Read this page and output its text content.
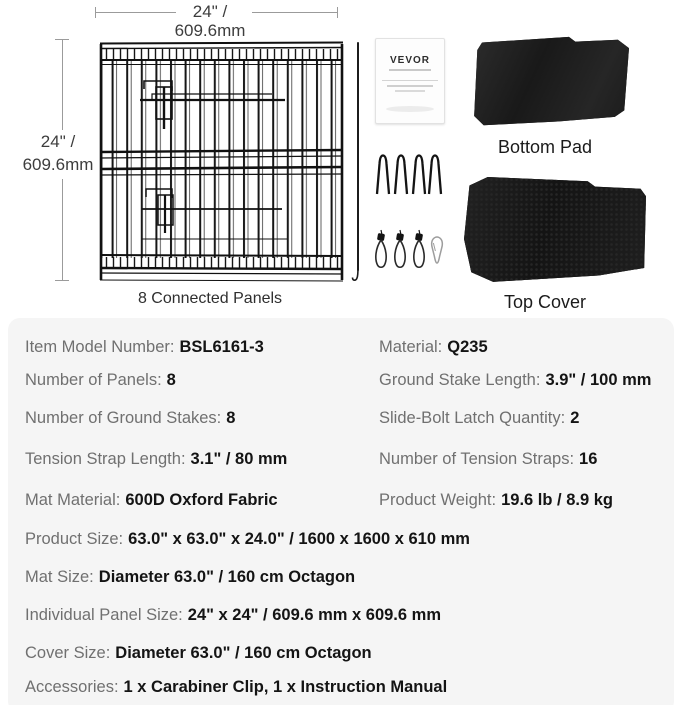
24" /
609.6mm
24" /
609.6mm
8 Connected Panels
VEVOR
Bottom Pad
Top Cover
Item Model Number: BSL6161-3	Material: Q235
Number of Panels: 8	Ground Stake Length: 3.9" / 100 mm
Number of Ground Stakes: 8	Slide-Bolt Latch Quantity: 2
Tension Strap Length: 3.1" / 80 mm	Number of Tension Straps: 16
Mat Material: 600D Oxford Fabric	Product Weight: 19.6 lb / 8.9 kg
Product Size: 63.0" x 63.0" x 24.0" / 1600 x 1600 x 610 mm
Mat Size: Diameter 63.0" / 160 cm Octagon
Individual Panel Size: 24" x 24" / 609.6 mm x 609.6 mm
Cover Size: Diameter 63.0" / 160 cm Octagon
Accessories: 1 x Carabiner Clip, 1 x Instruction Manual
